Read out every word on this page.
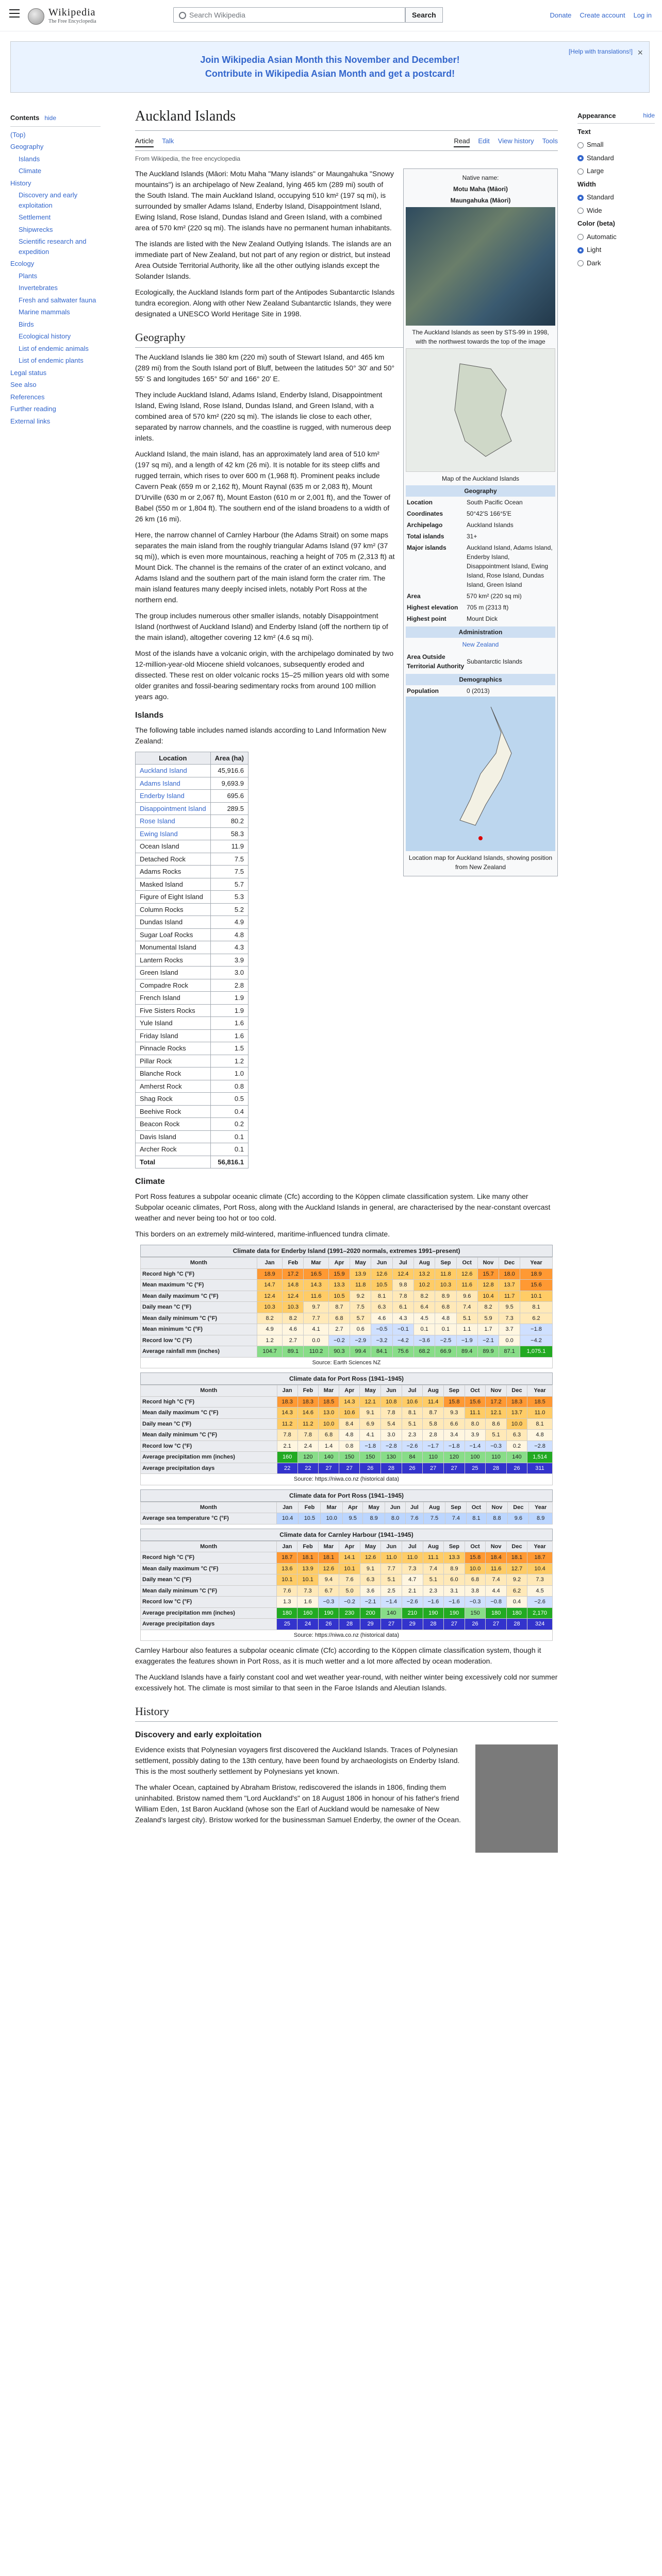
Wikipedia
The Free Encyclopedia
Search Wikipedia	Search	Donate Create account Log in
Join Wikipedia Asian Month this November and December!
Contribute in Wikipedia Asian Month and get a postcard!
[Help with translations!] ×
Contents hide
(Top)
Geography
Islands
Climate
History
Discovery and early exploitation
Settlement
Shipwrecks
Scientific research and expedition
Ecology
Plants
Invertebrates
Fresh and saltwater fauna
Marine mammals
Birds
Ecological history
List of endemic animals
List of endemic plants
Legal status
See also
References
Further reading
External links
Auckland Islands
Article Talk	Read Edit View history Tools
From Wikipedia, the free encyclopedia
Native name:
Motu Maha (Māori)
Maungahuka (Māori)
The Auckland Islands as seen by STS-99 in 1998, with the northwest towards the top of the image
Map of the Auckland Islands
Geography
Location	South Pacific Ocean
Coordinates	50°42′S 166°5′E
Archipelago	Auckland Islands
Total islands	31+
Major islands	Auckland Island, Adams Island, Enderby Island, Disappointment Island, Ewing Island, Rose Island, Dundas Island, Green Island
Area	570 km² (220 sq mi)
Highest elevation	705 m (2313 ft)
Highest point	Mount Dick
Administration
New Zealand
Area Outside Territorial Authority	Subantarctic Islands
Demographics
Population	0 (2013)
Location map for Auckland Islands, showing position from New Zealand

The Auckland Islands (Māori: Motu Maha "Many islands" or Maungahuka "Snowy mountains") is an archipelago of New Zealand, lying 465 km (289 mi) south of the South Island. The main Auckland Island, occupying 510 km² (197 sq mi), is surrounded by smaller Adams Island, Enderby Island, Disappointment Island, Ewing Island, Rose Island, Dundas Island and Green Island, with a combined area of 570 km² (220 sq mi). The islands have no permanent human inhabitants.

The islands are listed with the New Zealand Outlying Islands. The islands are an immediate part of New Zealand, but not part of any region or district, but instead Area Outside Territorial Authority, like all the other outlying islands except the Solander Islands.

Ecologically, the Auckland Islands form part of the Antipodes Subantarctic Islands tundra ecoregion. Along with other New Zealand Subantarctic Islands, they were designated a UNESCO World Heritage Site in 1998.

Geography

The Auckland Islands lie 380 km (220 mi) south of Stewart Island, and 465 km (289 mi) from the South Island port of Bluff, between the latitudes 50° 30' and 50° 55' S and longitudes 165° 50' and 166° 20' E.

They include Auckland Island, Adams Island, Enderby Island, Disappointment Island, Ewing Island, Rose Island, Dundas Island, and Green Island, with a combined area of 570 km² (220 sq mi). The islands lie close to each other, separated by narrow channels, and the coastline is rugged, with numerous deep inlets.

Auckland Island, the main island, has an approximately land area of 510 km² (197 sq mi), and a length of 42 km (26 mi). It is notable for its steep cliffs and rugged terrain, which rises to over 600 m (1,968 ft). Prominent peaks include Cavern Peak (659 m or 2,162 ft), Mount Raynal (635 m or 2,083 ft), Mount D'Urville (630 m or 2,067 ft), Mount Easton (610 m or 2,001 ft), and the Tower of Babel (550 m or 1,804 ft). The southern end of the island broadens to a width of 26 km (16 mi).

Here, the narrow channel of Carnley Harbour (the Adams Strait) on some maps separates the main island from the roughly triangular Adams Island (97 km² (37 sq mi)), which is even more mountainous, reaching a height of 705 m (2,313 ft) at Mount Dick. The channel is the remains of the crater of an extinct volcano, and Adams Island and the southern part of the main island form the crater rim. The main island features many deeply incised inlets, notably Port Ross at the northern end.

The group includes numerous other smaller islands, notably Disappointment Island (northwest of Auckland Island) and Enderby Island (off the northern tip of the main island), altogether covering 12 km² (4.6 sq mi).

Most of the islands have a volcanic origin, with the archipelago dominated by two 12-million-year-old Miocene shield volcanoes, subsequently eroded and dissected. These rest on older volcanic rocks 15–25 million years old with some older granites and fossil-bearing sedimentary rocks from around 100 million years ago.

Islands

The following table includes named islands according to Land Information New Zealand:

Location	Area (ha)
Auckland Island	45,916.6
Adams Island	9,693.9
Enderby Island	695.6
Disappointment Island	289.5
Rose Island	80.2
Ewing Island	58.3
Ocean Island	11.9
Detached Rock	7.5
Adams Rocks	7.5
Masked Island	5.7
Figure of Eight Island	5.3
Column Rocks	5.2
Dundas Island	4.9
Sugar Loaf Rocks	4.8
Monumental Island	4.3
Lantern Rocks	3.9
Green Island	3.0
Compadre Rock	2.8
French Island	1.9
Five Sisters Rocks	1.9
Yule Island	1.6
Friday Island	1.6
Pinnacle Rocks	1.5
Pillar Rock	1.2
Blanche Rock	1.0
Amherst Rock	0.8
Shag Rock	0.5
Beehive Rock	0.4
Beacon Rock	0.2
Davis Island	0.1
Archer Rock	0.1
Total	56,816.1
Climate

Port Ross features a subpolar oceanic climate (Cfc) according to the Köppen climate classification system. Like many other Subpolar oceanic climates, Port Ross, along with the Auckland Islands in general, are characterised by the near-constant overcast weather and never being too hot or too cold.

This borders on an extremely mild-wintered, maritime-influenced tundra climate.

Climate data for Enderby Island (1991–2020 normals, extremes 1991–present)
Month	Jan	Feb	Mar	Apr	May	Jun	Jul	Aug	Sep	Oct	Nov	Dec	Year
Record high °C (°F)	18.9	17.2	16.5	15.9	13.9	12.6	12.4	13.2	11.8	12.6	15.7	18.0	18.9
Mean maximum °C (°F)	14.7	14.8	14.3	13.3	11.8	10.5	9.8	10.2	10.3	11.6	12.8	13.7	15.6
Mean daily maximum °C (°F)	12.4	12.4	11.6	10.5	9.2	8.1	7.8	8.2	8.9	9.6	10.4	11.7	10.1
Daily mean °C (°F)	10.3	10.3	9.7	8.7	7.5	6.3	6.1	6.4	6.8	7.4	8.2	9.5	8.1
Mean daily minimum °C (°F)	8.2	8.2	7.7	6.8	5.7	4.6	4.3	4.5	4.8	5.1	5.9	7.3	6.2
Mean minimum °C (°F)	4.9	4.6	4.1	2.7	0.6	−0.5	−0.1	0.1	0.1	1.1	1.7	3.7	−1.8
Record low °C (°F)	1.2	2.7	0.0	−0.2	−2.9	−3.2	−4.2	−3.6	−2.5	−1.9	−2.1	0.0	−4.2
Average rainfall mm (inches)	104.7	89.1	110.2	90.3	99.4	84.1	75.6	68.2	66.9	89.4	89.9	87.1	1,075.1
Source: Earth Sciences NZ													
Climate data for Port Ross (1941–1945)
Month	Jan	Feb	Mar	Apr	May	Jun	Jul	Aug	Sep	Oct	Nov	Dec	Year
Record high °C (°F)	18.3	18.3	18.5	14.3	12.1	10.8	10.6	11.4	15.8	15.6	17.2	18.3	18.5
Mean daily maximum °C (°F)	14.3	14.6	13.0	10.6	9.1	7.8	8.1	8.7	9.3	11.1	12.1	13.7	11.0
Daily mean °C (°F)	11.2	11.2	10.0	8.4	6.9	5.4	5.1	5.8	6.6	8.0	8.6	10.0	8.1
Mean daily minimum °C (°F)	7.8	7.8	6.8	4.8	4.1	3.0	2.3	2.8	3.4	3.9	5.1	6.3	4.8
Record low °C (°F)	2.1	2.4	1.4	0.8	−1.8	−2.8	−2.6	−1.7	−1.8	−1.4	−0.3	0.2	−2.8
Average precipitation mm (inches)	160	120	140	150	150	130	84	110	120	100	110	140	1,514
Average precipitation days	22	22	27	27	26	28	26	27	27	25	28	26	311
Source: https://niwa.co.nz (historical data)													
Climate data for Port Ross (1941–1945)
Month	Jan	Feb	Mar	Apr	May	Jun	Jul	Aug	Sep	Oct	Nov	Dec	Year
Average sea temperature °C (°F)	10.4	10.5	10.0	9.5	8.9	8.0	7.6	7.5	7.4	8.1	8.8	9.6	8.9
Climate data for Carnley Harbour (1941–1945)
Month	Jan	Feb	Mar	Apr	May	Jun	Jul	Aug	Sep	Oct	Nov	Dec	Year
Record high °C (°F)	18.7	18.1	18.1	14.1	12.6	11.0	11.0	11.1	13.3	15.8	18.4	18.1	18.7
Mean daily maximum °C (°F)	13.6	13.9	12.6	10.1	9.1	7.7	7.3	7.4	8.9	10.0	11.6	12.7	10.4
Daily mean °C (°F)	10.1	10.1	9.4	7.6	6.3	5.1	4.7	5.1	6.0	6.8	7.4	9.2	7.3
Mean daily minimum °C (°F)	7.6	7.3	6.7	5.0	3.6	2.5	2.1	2.3	3.1	3.8	4.4	6.2	4.5
Record low °C (°F)	1.3	1.6	−0.3	−0.2	−2.1	−1.4	−2.6	−1.6	−1.6	−0.3	−0.8	0.4	−2.6
Average precipitation mm (inches)	180	160	190	230	200	140	210	190	190	150	180	180	2,170
Average precipitation days	25	24	26	28	29	27	29	28	27	26	27	28	324
Source: https://niwa.co.nz (historical data)													

Carnley Harbour also features a subpolar oceanic climate (Cfc) according to the Köppen climate classification system, though it exaggerates the features shown in Port Ross, as it is much wetter and a lot more affected by ocean moderation.

The Auckland Islands have a fairly constant cool and wet weather year-round, with neither winter being excessively cold nor summer excessively hot. The climate is most similar to that seen in the Faroe Islands and Aleutian Islands.

History
Discovery and early exploitation

Evidence exists that Polynesian voyagers first discovered the Auckland Islands. Traces of Polynesian settlement, possibly dating to the 13th century, have been found by archaeologists on Enderby Island. This is the most southerly settlement by Polynesians yet known.

The whaler Ocean, captained by Abraham Bristow, rediscovered the islands in 1806, finding them uninhabited. Bristow named them "Lord Auckland's" on 18 August 1806 in honour of his father's friend William Eden, 1st Baron Auckland (whose son the Earl of Auckland would be namesake of New Zealand's largest city). Bristow worked for the businessman Samuel Enderby, the owner of the Ocean.

Appearance	hide
Text
Small
Standard
Large
Width
Standard
Wide
Color (beta)
Automatic
Light
Dark
